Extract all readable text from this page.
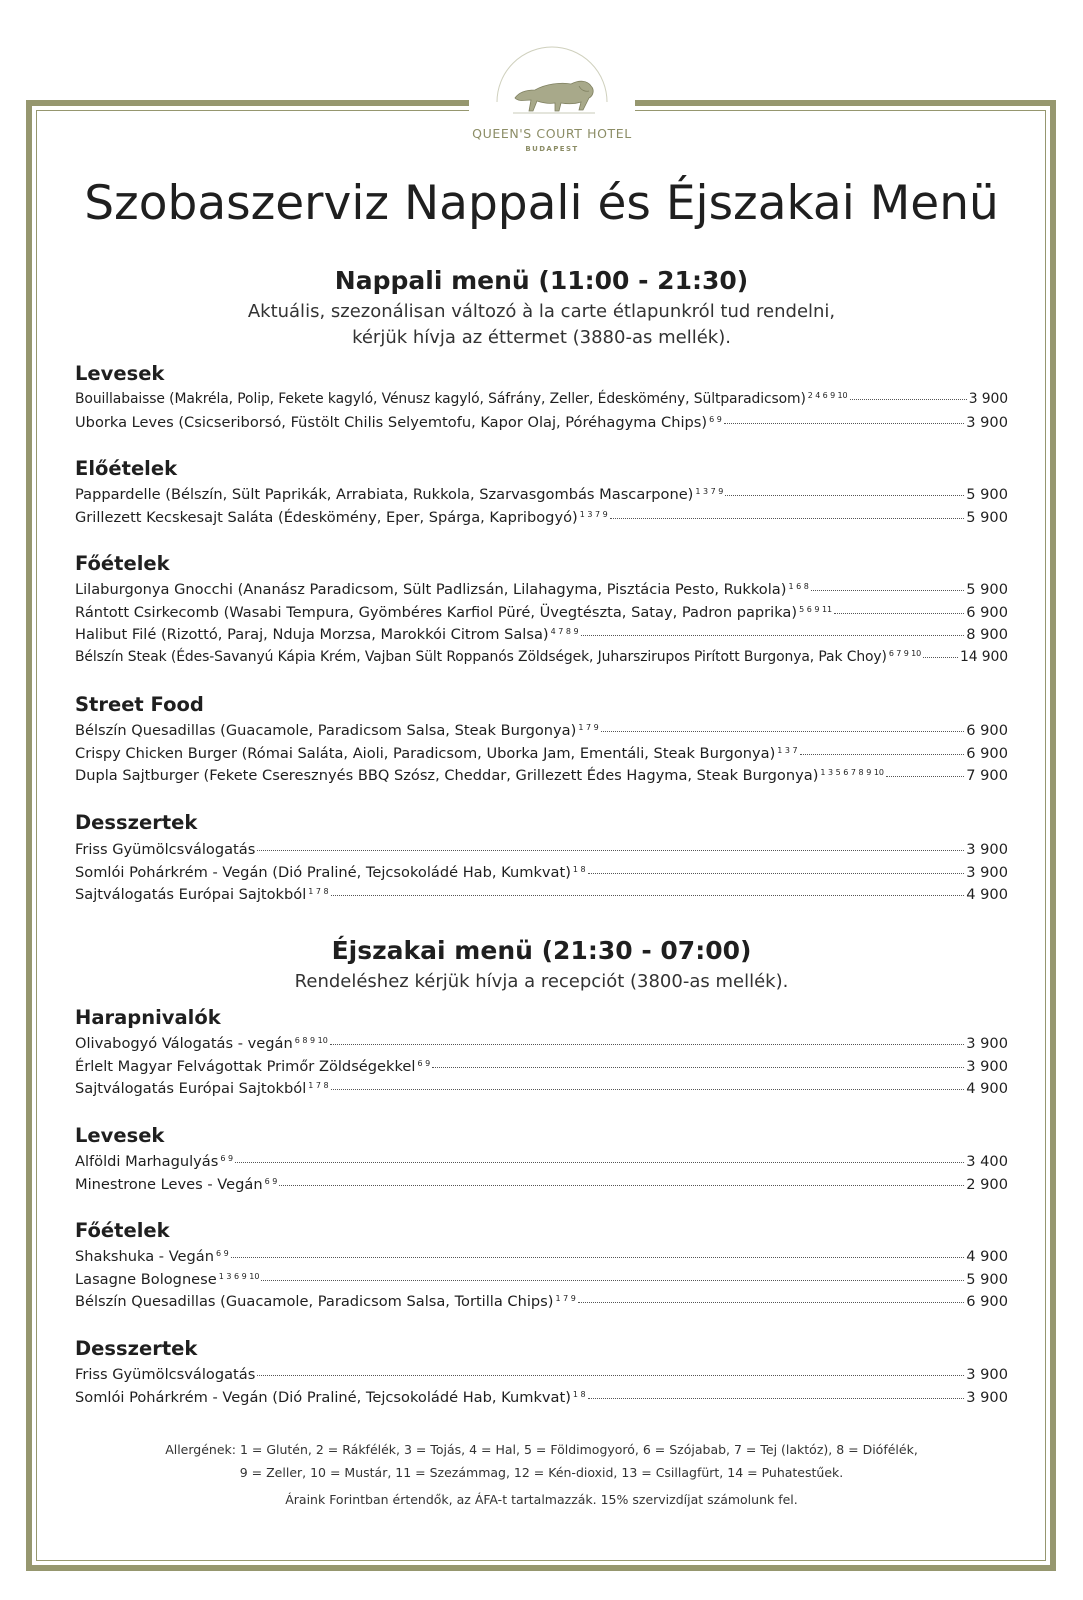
QUEEN'S COURT HOTEL
BUDAPEST
Szobaszerviz Nappali és Éjszakai Menü
Nappali menü (11:00 - 21:30)
Aktuális, szezonálisan változó à la carte étlapunkról tud rendelni,
kérjük hívja az éttermet (3880-as mellék).
Levesek
Bouillabaisse (Makréla, Polip, Fekete kagyló, Vénusz kagyló, Sáfrány, Zeller, Édeskömény, Sültparadicsom) $^{2 4 6 9 10}$	3 900
Uborka Leves (Csicseriborsó, Füstölt Chilis Selyemtofu, Kapor Olaj, Póréhagyma Chips) $^{6 9}$	3 900
Előételek
Pappardelle (Bélszín, Sült Paprikák, Arrabiata, Rukkola, Szarvasgombás Mascarpone) $^{1 3 7 9}$	5 900
Grillezett Kecskesajt Saláta (Édeskömény, Eper, Spárga, Kapribogyó) $^{1 3 7 9}$	5 900
Főételek
Lilaburgonya Gnocchi (Ananász Paradicsom, Sült Padlizsán, Lilahagyma, Pisztácia Pesto, Rukkola) $^{1 6 8}$	5 900
Rántott Csirkecomb (Wasabi Tempura, Gyömbéres Karfiol Püré, Üvegtészta, Satay, Padron paprika) $^{5 6 9 11}$	6 900
Halibut Filé (Rizottó, Paraj, Nduja Morzsa, Marokkói Citrom Salsa) $^{4 7 8 9}$	8 900
Bélszín Steak (Édes-Savanyú Kápia Krém, Vajban Sült Roppanós Zöldségek, Juharszirupos Pirított Burgonya, Pak Choy) $^{6 7 9 10}$	14 900
Street Food
Bélszín Quesadillas (Guacamole, Paradicsom Salsa, Steak Burgonya) $^{1 7 9}$	6 900
Crispy Chicken Burger (Római Saláta, Aioli, Paradicsom, Uborka Jam, Ementáli, Steak Burgonya) $^{1 3 7}$	6 900
Dupla Sajtburger (Fekete Cseresznyés BBQ Szósz, Cheddar, Grillezett Édes Hagyma, Steak Burgonya) $^{1 3 5 6 7 8 9 10}$	7 900
Desszertek
Friss Gyümölcsválogatás	3 900
Somlói Pohárkrém - Vegán (Dió Praliné, Tejcsokoládé Hab, Kumkvat) $^{1 8}$	3 900
Sajtválogatás Európai Sajtokból $^{1 7 8}$	4 900
Éjszakai menü (21:30 - 07:00)
Rendeléshez kérjük hívja a recepciót (3800-as mellék).
Harapnivalók
Olivabogyó Válogatás - vegán $^{6 8 9 10}$	3 900
Érlelt Magyar Felvágottak Primőr Zöldségekkel $^{6 9}$	3 900
Sajtválogatás Európai Sajtokból $^{1 7 8}$	4 900
Levesek
Alföldi Marhagulyás $^{6 9}$	3 400
Minestrone Leves - Vegán $^{6 9}$	2 900
Főételek
Shakshuka - Vegán $^{6 9}$	4 900
Lasagne Bolognese $^{1 3 6 9 10}$	5 900
Bélszín Quesadillas (Guacamole, Paradicsom Salsa, Tortilla Chips) $^{1 7 9}$	6 900
Desszertek
Friss Gyümölcsválogatás	3 900
Somlói Pohárkrém - Vegán (Dió Praliné, Tejcsokoládé Hab, Kumkvat) $^{1 8}$	3 900
Allergének: 1 = Glutén, 2 = Rákfélék, 3 = Tojás, 4 = Hal, 5 = Földimogyoró, 6 = Szójabab, 7 = Tej (laktóz), 8 = Diófélék,
9 = Zeller, 10 = Mustár, 11 = Szezámmag, 12 = Kén-dioxid, 13 = Csillagfürt, 14 = Puhatestűek.
Áraink Forintban értendők, az ÁFA-t tartalmazzák. 15% szervizdíjat számolunk fel.
